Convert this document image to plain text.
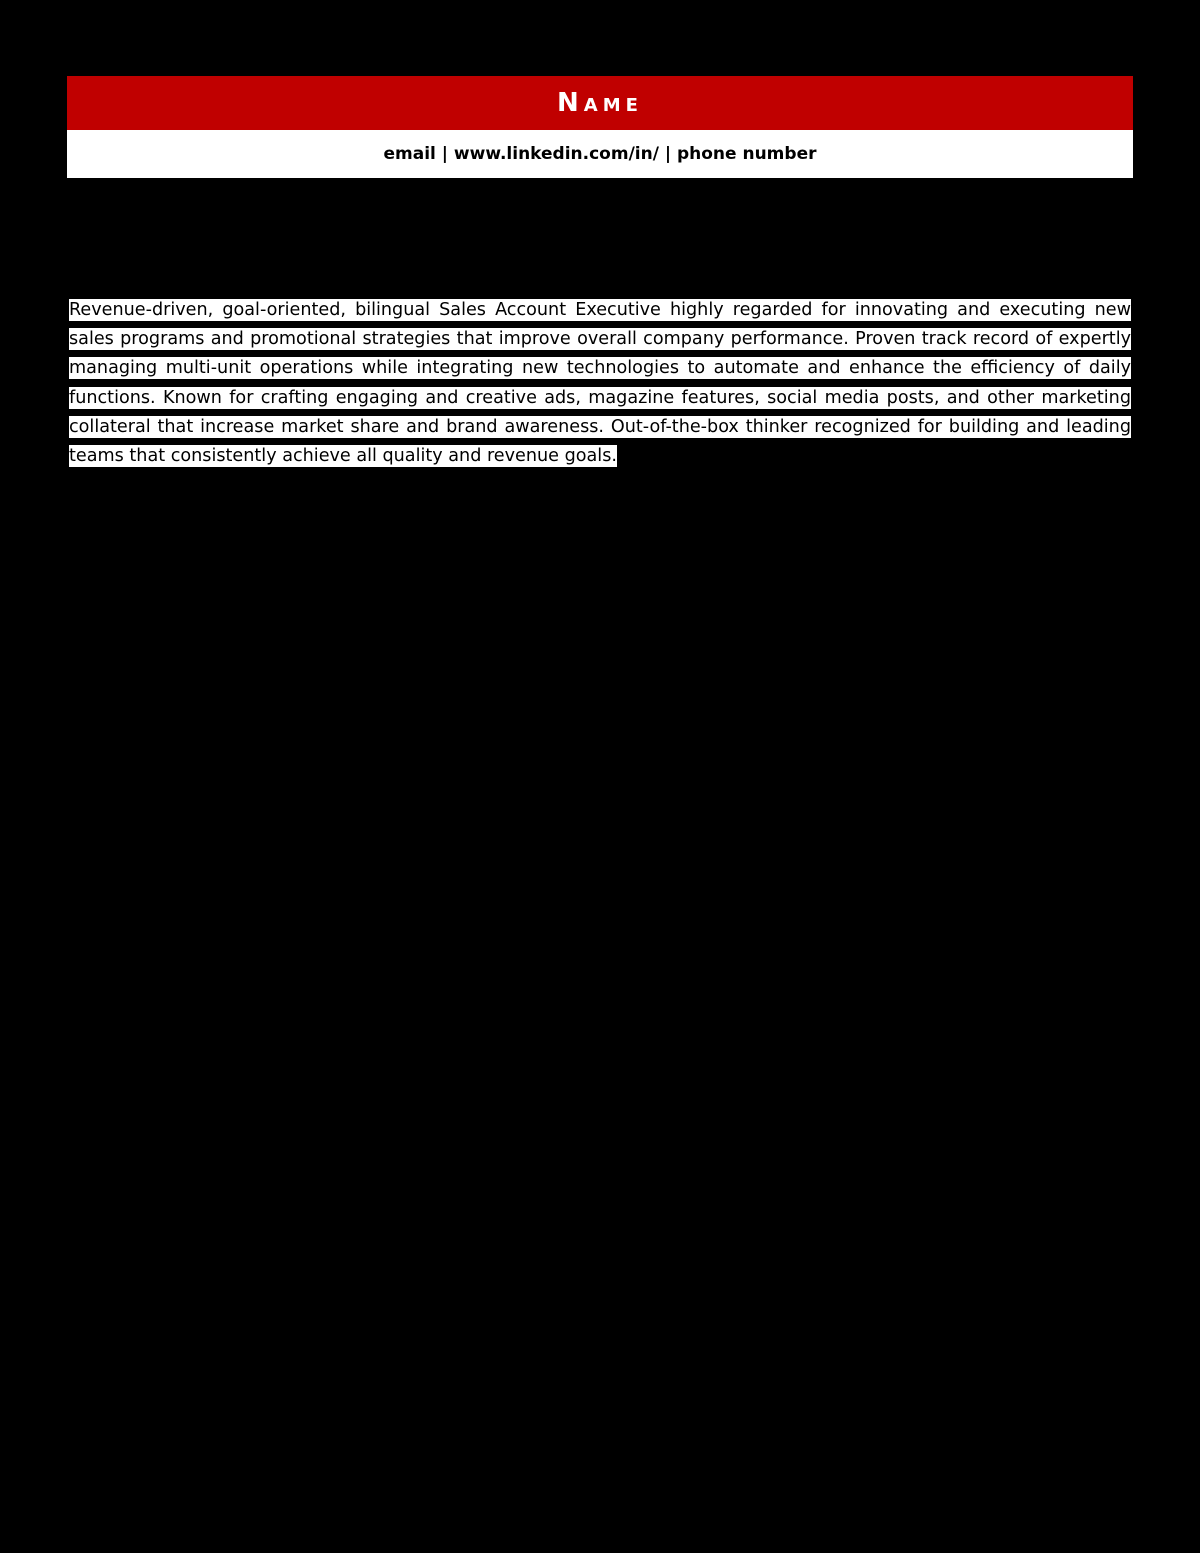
Name
email | www.linkedin.com/in/ | phone number

Revenue-driven, goal-oriented, bilingual Sales Account Executive highly regarded for innovating and executing new sales programs and promotional strategies that improve overall company performance. Proven track record of expertly managing multi-unit operations while integrating new technologies to automate and enhance the efficiency of daily functions. Known for crafting engaging and creative ads, magazine features, social media posts, and other marketing collateral that increase market share and brand awareness. Out-of-the-box thinker recognized for building and leading teams that consistently achieve all quality and revenue goals.
